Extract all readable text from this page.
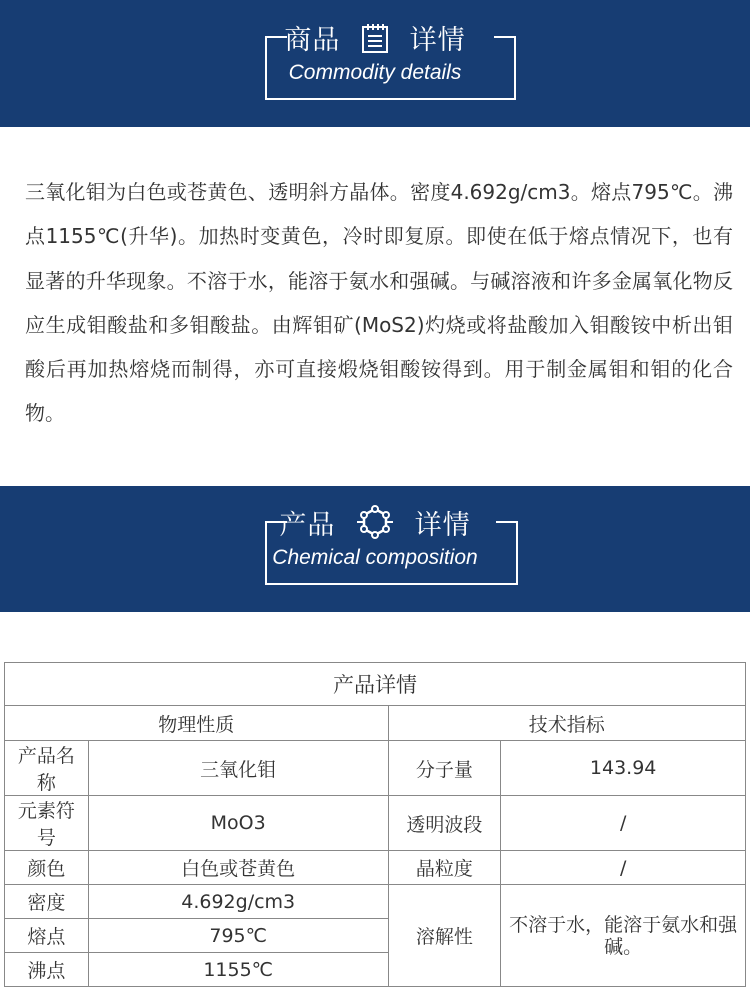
商品	详情
Commodity details
三氧化钼为白色或苍黄色、透明斜方晶体。密度4.692g/cm3。熔点795℃。沸点1155℃(升华)。加热时变黄色，冷时即复原。即使在低于熔点情况下，也有显著的升华现象。不溶于水，能溶于氨水和强碱。与碱溶液和许多金属氧化物反应生成钼酸盐和多钼酸盐。由辉钼矿(MoS2)灼烧或将盐酸加入钼酸铵中析出钼酸后再加热熔烧而制得，亦可直接煅烧钼酸铵得到。用于制金属钼和钼的化合物。
产品	详情
Chemical composition
产品详情			
物理性质		技术指标	
产品名称	三氧化钼	分子量	143.94
元素符号	MoO3	透明波段	/
颜色	白色或苍黄色	晶粒度	/
密度	4.692g/cm3	溶解性	不溶于水，能溶于氨水和强碱。
熔点	795℃		
沸点	1155℃		
